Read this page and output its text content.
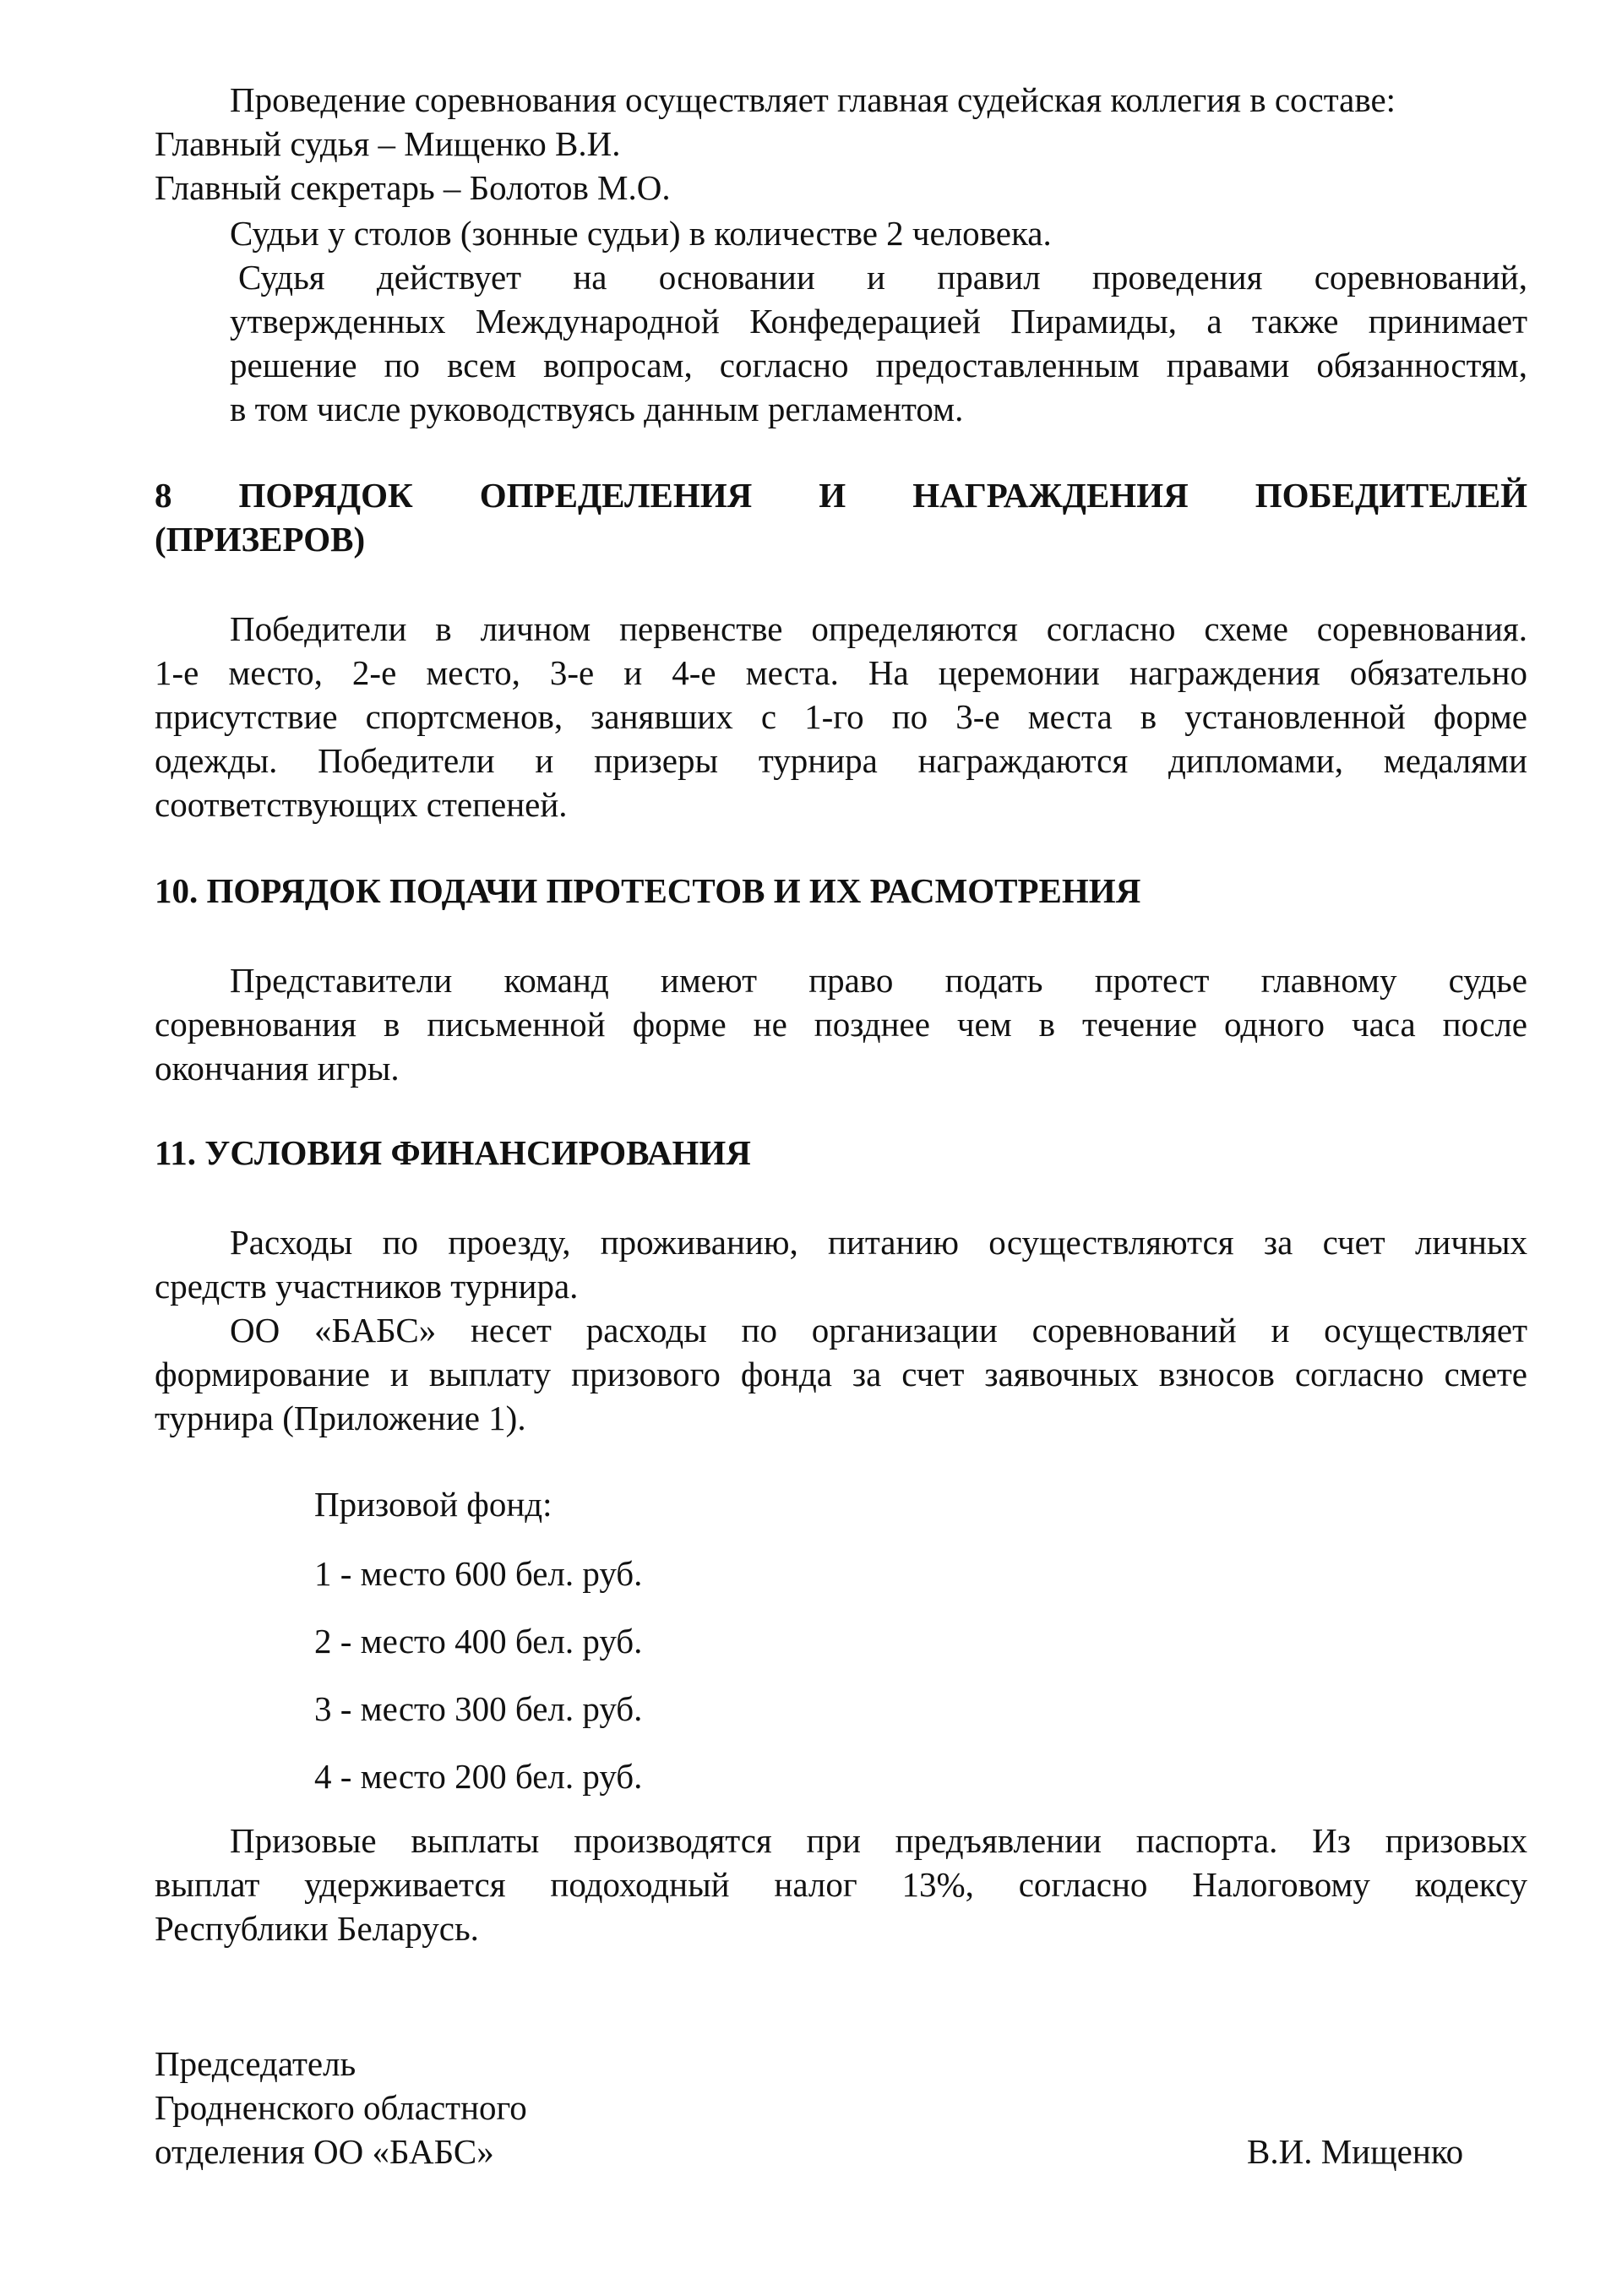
Проведение соревнования осуществляет главная судейская коллегия в составе:
Главный судья – Мищенко В.И.
Главный секретарь – Болотов М.О.
Судьи у столов (зонные судьи) в количестве 2 человека.
Судья действует на основании и правил проведения соревнований,
утвержденных Международной Конфедерацией Пирамиды, а также принимает
решение по всем вопросам, согласно предоставленным правами обязанностям,
в том числе руководствуясь данным регламентом.
8 ПОРЯДОК ОПРЕДЕЛЕНИЯ И НАГРАЖДЕНИЯ ПОБЕДИТЕЛЕЙ
(ПРИЗЕРОВ)
Победители в личном первенстве определяются согласно схеме соревнования.
1-е место, 2-е место, 3-е и 4-е места. На церемонии награждения обязательно
присутствие спортсменов, занявших с 1-го по 3-е места в установленной форме
одежды. Победители и призеры турнира награждаются дипломами, медалями
соответствующих степеней.
10. ПОРЯДОК ПОДАЧИ ПРОТЕСТОВ И ИХ РАСМОТРЕНИЯ
Представители команд имеют право подать протест главному судье
соревнования в письменной форме не позднее чем в течение одного часа после
окончания игры.
11. УСЛОВИЯ ФИНАНСИРОВАНИЯ
Расходы по проезду, проживанию, питанию осуществляются за счет личных
средств участников турнира.
ОО «БАБС» несет расходы по организации соревнований и осуществляет
формирование и выплату призового фонда за счет заявочных взносов согласно смете
турнира (Приложение 1).
Призовой фонд:
1 - место 600 бел. руб.
2 - место 400 бел. руб.
3 - место 300 бел. руб.
4 - место 200 бел. руб.
Призовые выплаты производятся при предъявлении паспорта. Из призовых
выплат удерживается подоходный налог 13%, согласно Налоговому кодексу
Республики Беларусь.
Председатель
Гродненского областного
отделения ОО «БАБС»	В.И. Мищенко
